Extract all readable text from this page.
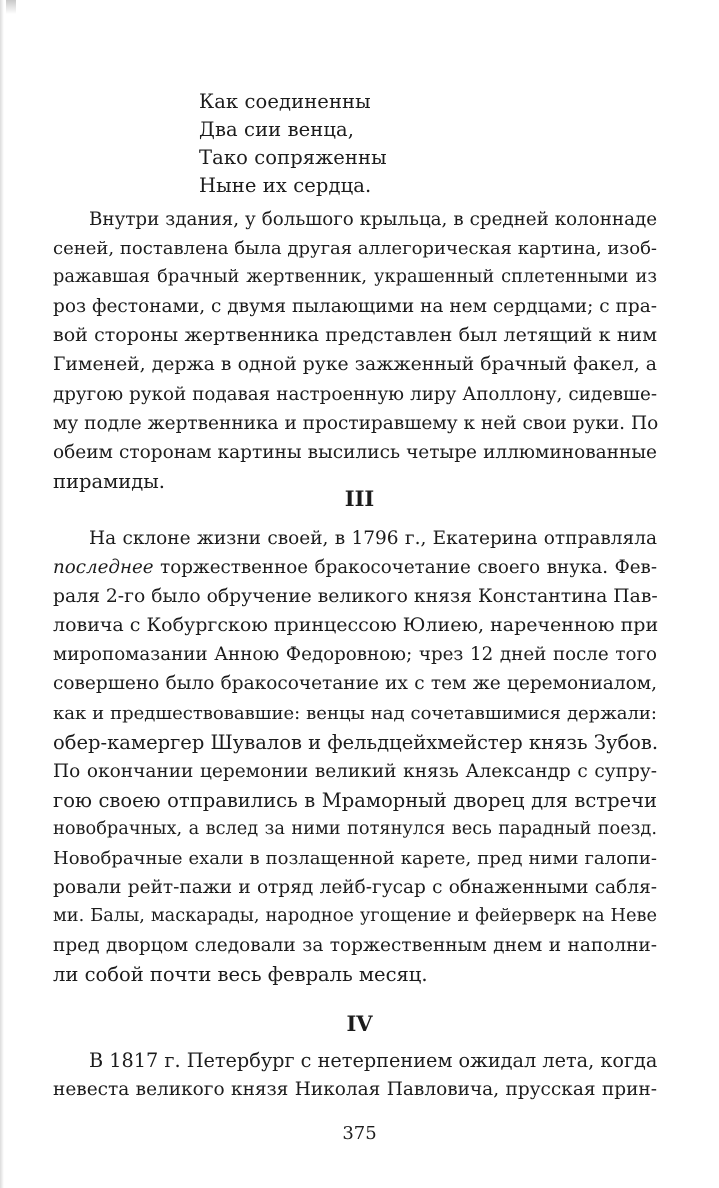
Как соединенны
Два сии венца,
Тако сопряженны
Ныне их сердца.
Внутри здания, у большого крыльца, в средней колоннаде
сеней, поставлена была другая аллегорическая картина, изоб-
ражавшая брачный жертвенник, украшенный сплетенными из
роз фестонами, с двумя пылающими на нем сердцами; с пра-
вой стороны жертвенника представлен был летящий к ним
Гименей, держа в одной руке зажженный брачный факел, а
другою рукой подавая настроенную лиру Аполлону, сидевше-
му подле жертвенника и простиравшему к ней свои руки. По
обеим сторонам картины высились четыре иллюминованные
пирамиды.
III
На склоне жизни своей, в 1796 г., Екатерина отправляла
последнее торжественное бракосочетание своего внука. Фев-
раля 2-го было обручение великого князя Константина Пав-
ловича с Кобургскою принцессою Юлиею, нареченною при
миропомазании Анною Федоровною; чрез 12 дней после того
совершено было бракосочетание их с тем же церемониалом,
как и предшествовавшие: венцы над сочетавшимися держали:
обер-камергер Шувалов и фельдцейхмейстер князь Зубов.
По окончании церемонии великий князь Александр с супру-
гою своею отправились в Мраморный дворец для встречи
новобрачных, а вслед за ними потянулся весь парадный поезд.
Новобрачные ехали в позлащенной карете, пред ними галопи-
ровали рейт-пажи и отряд лейб-гусар с обнаженными сабля-
ми. Балы, маскарады, народное угощение и фейерверк на Неве
пред дворцом следовали за торжественным днем и наполни-
ли собой почти весь февраль месяц.
IV
В 1817 г. Петербург с нетерпением ожидал лета, когда
невеста великого князя Николая Павловича, прусская прин-
375
